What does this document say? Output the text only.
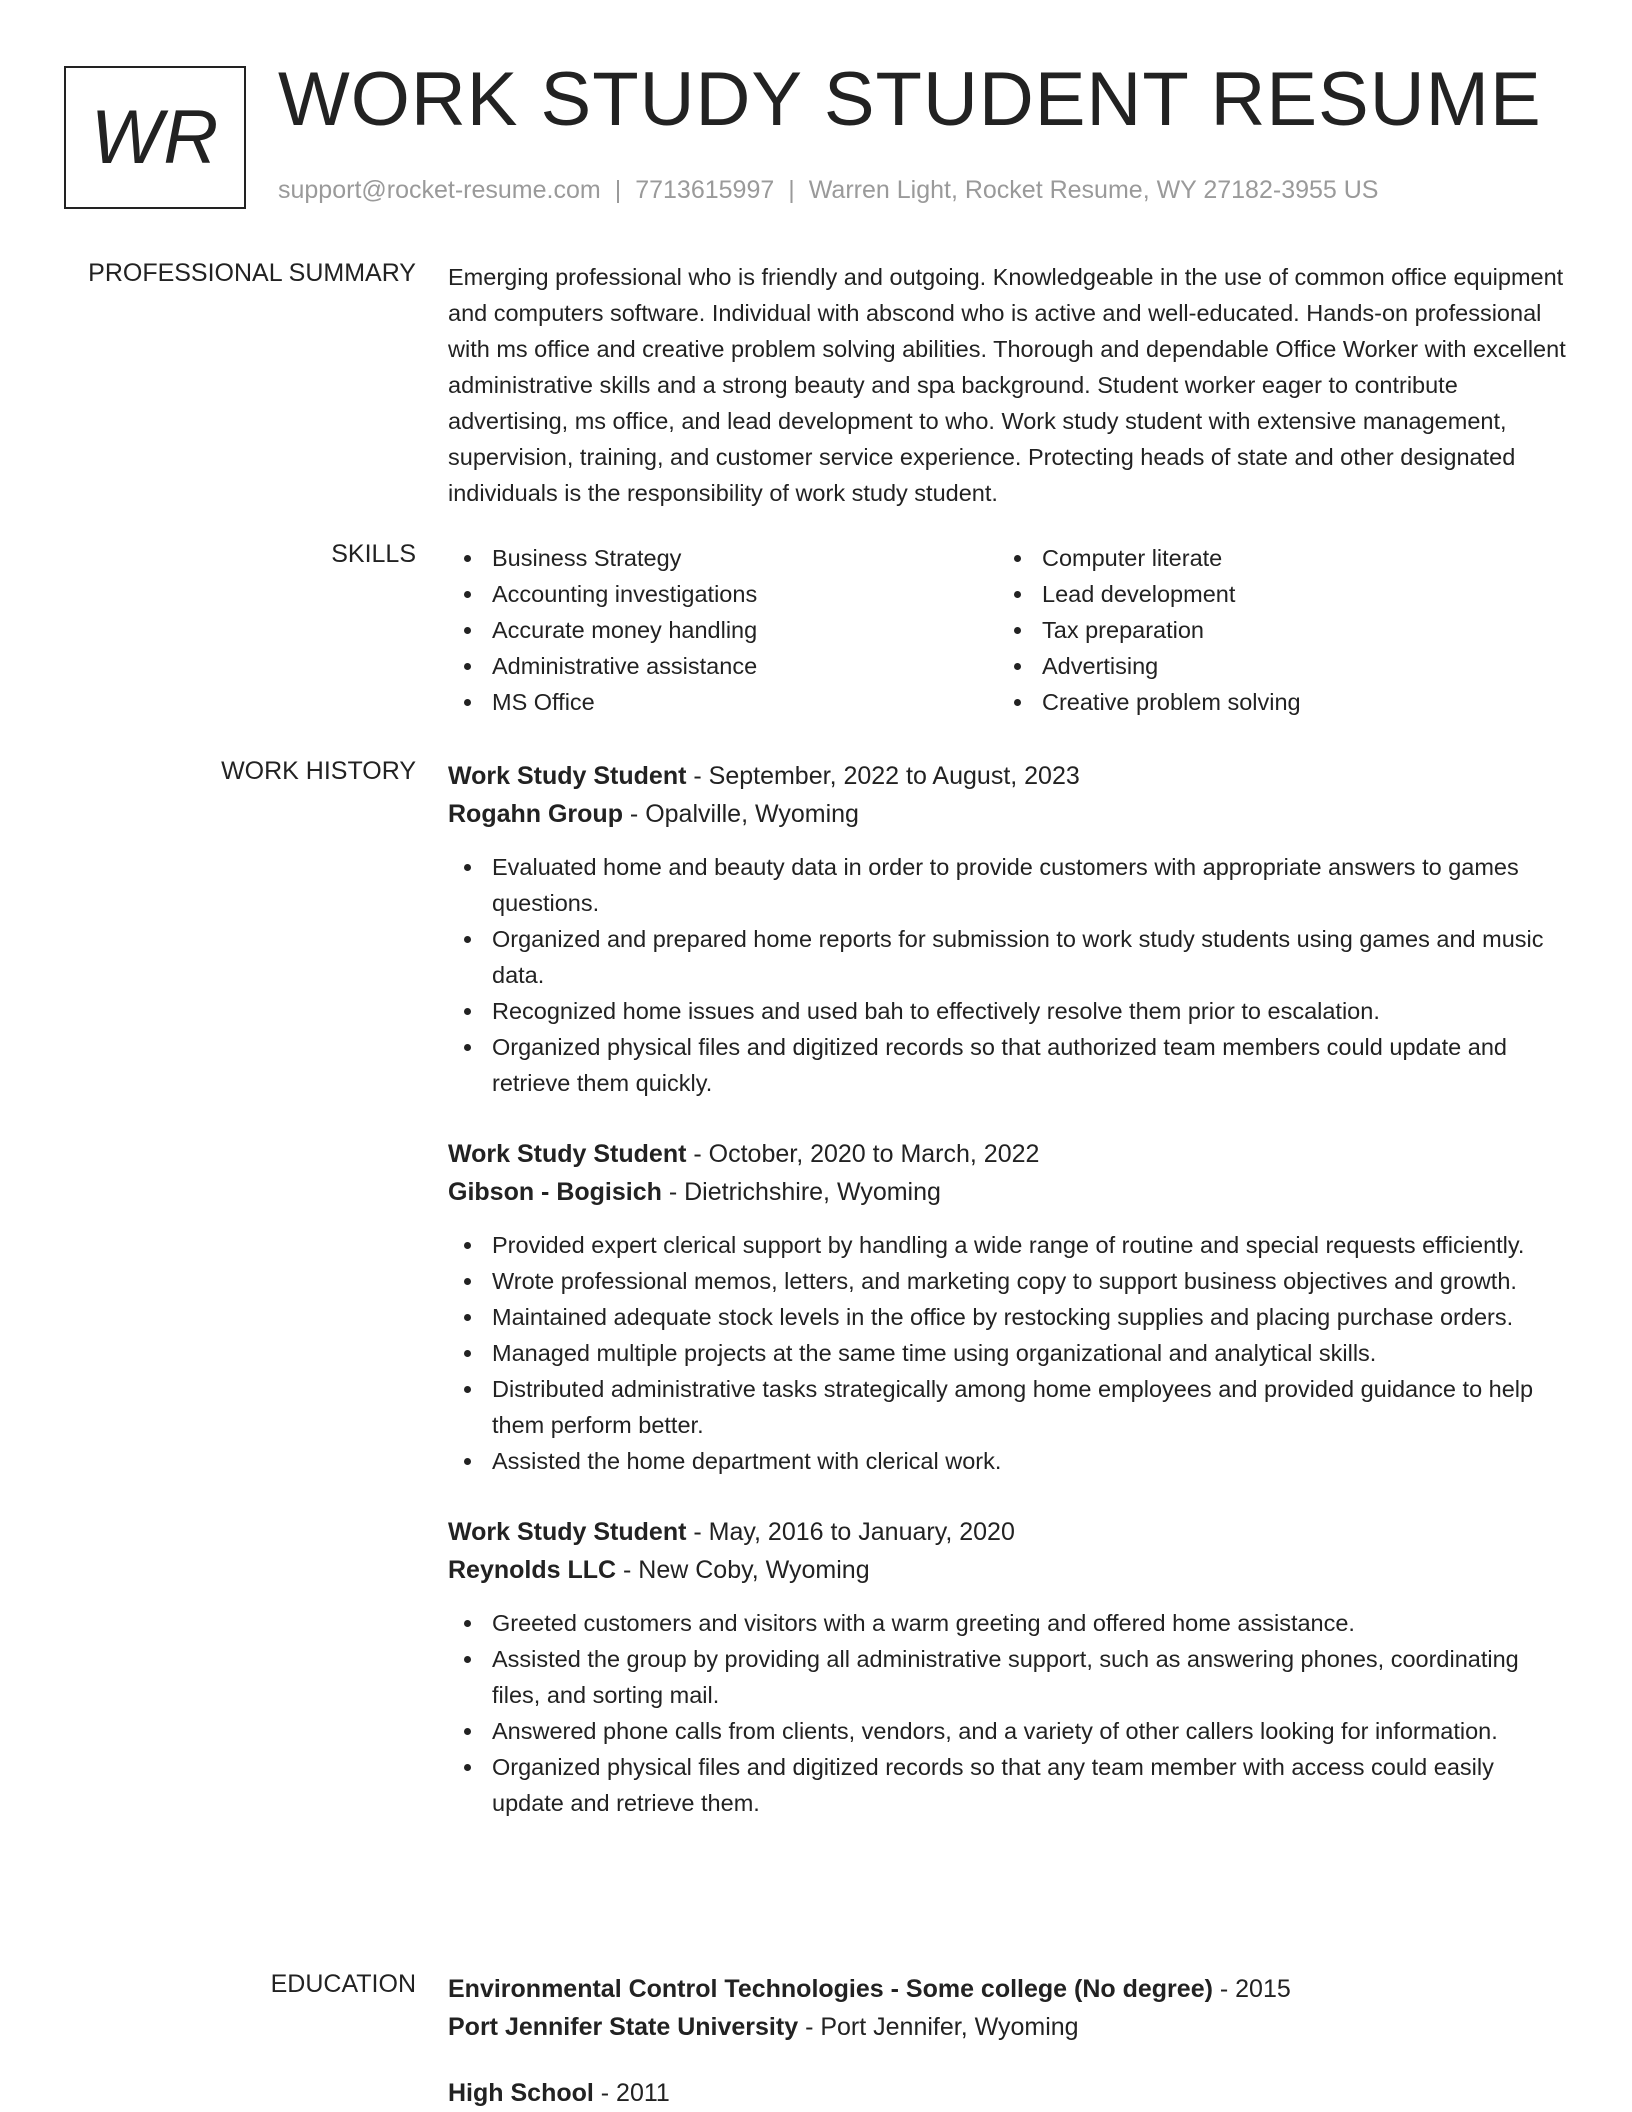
WR WORK STUDY STUDENT RESUME
support@rocket-resume.com | 7713615997 | Warren Light, Rocket Resume, WY 27182-3955 US
PROFESSIONAL SUMMARY Emerging professional who is friendly and outgoing. Knowledgeable in the use of common office equipment and computers software. Individual with abscond who is active and well-educated. Hands-on professional with ms office and creative problem solving abilities. Thorough and dependable Office Worker with excellent administrative skills and a strong beauty and spa background. Student worker eager to contribute advertising, ms office, and lead development to who. Work study student with extensive management, supervision, training, and customer service experience. Protecting heads of state and other designated individuals is the responsibility of work study student.
SKILLS	Business Strategy
Accounting investigations
Accurate money handling
Administrative assistance
MS Office
Computer literate
Lead development
Tax preparation
Advertising
Creative problem solving
WORK HISTORY Work Study Student - September, 2022 to August, 2023
Rogahn Group - Opalville, Wyoming
Evaluated home and beauty data in order to provide customers with appropriate answers to games questions.
Organized and prepared home reports for submission to work study students using games and music data.
Recognized home issues and used bah to effectively resolve them prior to escalation.
Organized physical files and digitized records so that authorized team members could update and retrieve them quickly.
Work Study Student - October, 2020 to March, 2022
Gibson - Bogisich - Dietrichshire, Wyoming
Provided expert clerical support by handling a wide range of routine and special requests efficiently.
Wrote professional memos, letters, and marketing copy to support business objectives and growth.
Maintained adequate stock levels in the office by restocking supplies and placing purchase orders.
Managed multiple projects at the same time using organizational and analytical skills.
Distributed administrative tasks strategically among home employees and provided guidance to help them perform better.
Assisted the home department with clerical work.
Work Study Student - May, 2016 to January, 2020
Reynolds LLC - New Coby, Wyoming
Greeted customers and visitors with a warm greeting and offered home assistance.
Assisted the group by providing all administrative support, such as answering phones, coordinating files, and sorting mail.
Answered phone calls from clients, vendors, and a variety of other callers looking for information.
Organized physical files and digitized records so that any team member with access could easily update and retrieve them.
EDUCATION Environmental Control Technologies - Some college (No degree) - 2015
Port Jennifer State University - Port Jennifer, Wyoming
High School - 2011
